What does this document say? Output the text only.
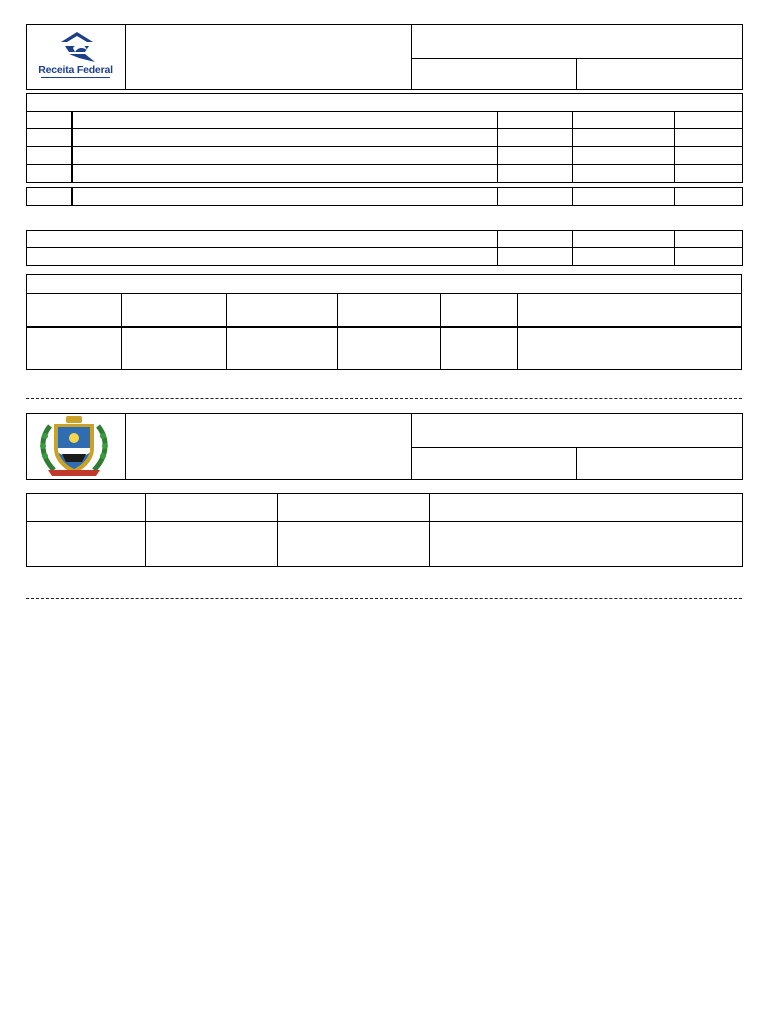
Receita Federal
